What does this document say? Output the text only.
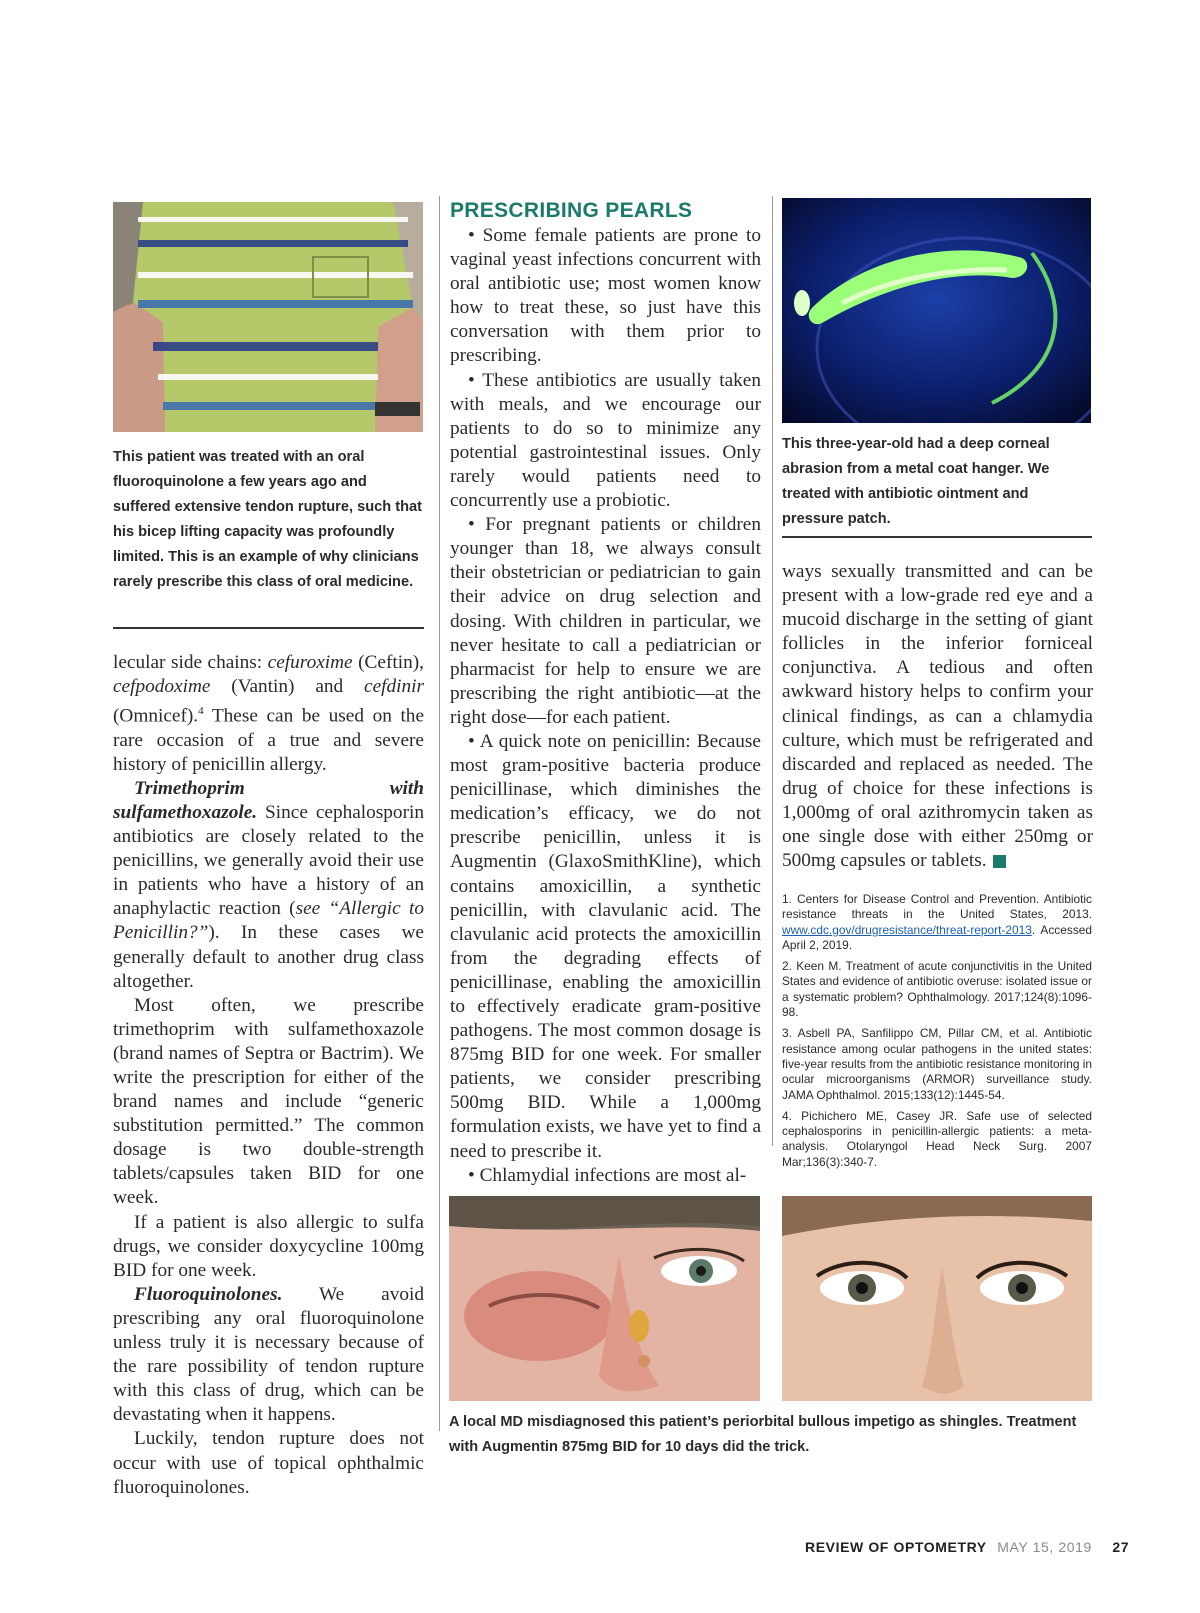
This patient was treated with an oral fluoroquinolone a few years ago and suffered extensive tendon rupture, such that his bicep lifting capacity was profoundly limited. This is an example of why clinicians rarely prescribe this class of oral medicine.

lecular side chains: cefuroxime (Ceftin), cefpodoxime (Vantin) and cefdinir (Omnicef).$^4$ These can be used on the rare occasion of a true and severe history of penicillin allergy.

Trimethoprim with sulfamethoxazole. Since cephalosporin antibiotics are closely related to the penicillins, we generally avoid their use in patients who have a history of an anaphylactic reaction (see “Allergic to Penicillin?”). In these cases we generally default to another drug class altogether.

Most often, we prescribe trimethoprim with sulfamethoxazole (brand names of Septra or Bactrim). We write the prescription for either of the brand names and include “generic substitution permitted.” The common dosage is two double-strength tablets/capsules taken BID for one week.

If a patient is also allergic to sulfa drugs, we consider doxycycline 100mg BID for one week.

Fluoroquinolones. We avoid prescribing any oral fluoroquinolone unless truly it is necessary because of the rare possibility of tendon rupture with this class of drug, which can be devastating when it happens.

Luckily, tendon rupture does not occur with use of topical ophthalmic fluoroquinolones.

PRESCRIBING PEARLS

• Some female patients are prone to vaginal yeast infections concurrent with oral antibiotic use; most women know how to treat these, so just have this conversation with them prior to prescribing.

• These antibiotics are usually taken with meals, and we encourage our patients to do so to minimize any potential gastrointestinal issues. Only rarely would patients need to concurrently use a probiotic.

• For pregnant patients or children younger than 18, we always consult their obstetrician or pediatrician to gain their advice on drug selection and dosing. With children in particular, we never hesitate to call a pediatrician or pharmacist for help to ensure we are prescribing the right antibiotic—at the right dose—for each patient.

• A quick note on penicillin: Because most gram-positive bacteria produce penicillinase, which diminishes the medication’s efficacy, we do not prescribe penicillin, unless it is Augmentin (GlaxoSmithKline), which contains amoxicillin, a synthetic penicillin, with clavulanic acid. The clavulanic acid protects the amoxicillin from the degrading effects of penicillinase, enabling the amoxicillin to effectively eradicate gram-positive pathogens. The most common dosage is 875mg BID for one week. For smaller patients, we consider prescribing 500mg BID. While a 1,000mg formulation exists, we have yet to find a need to prescribe it.

• Chlamydial infections are most al-

This three-year-old had a deep corneal abrasion from a metal coat hanger. We treated with antibiotic ointment and pressure patch.

ways sexually transmitted and can be present with a low-grade red eye and a mucoid discharge in the setting of giant follicles in the inferior forniceal conjunctiva. A tedious and often awkward history helps to confirm your clinical findings, as can a chlamydia culture, which must be refrigerated and discarded and replaced as needed. The drug of choice for these infections is 1,000mg of oral azithromycin taken as one single dose with either 250mg or 500mg capsules or tablets.

1. Centers for Disease Control and Prevention. Antibiotic resistance threats in the United States, 2013. www.cdc.gov/drugresistance/threat-report-2013. Accessed April 2, 2019.

2. Keen M. Treatment of acute conjunctivitis in the United States and evidence of antibiotic overuse: isolated issue or a systematic problem? Ophthalmology. 2017;124(8):1096-98.

3. Asbell PA, Sanfilippo CM, Pillar CM, et al. Antibiotic resistance among ocular pathogens in the united states: five-year results from the antibiotic resistance monitoring in ocular microorganisms (ARMOR) surveillance study. JAMA Ophthalmol. 2015;133(12):1445-54.

4. Pichichero ME, Casey JR. Safe use of selected cephalosporins in penicillin-allergic patients: a meta-analysis. Otolaryngol Head Neck Surg. 2007 Mar;136(3):340-7.

A local MD misdiagnosed this patient’s periorbital bullous impetigo as shingles. Treatment with Augmentin 875mg BID for 10 days did the trick.

REVIEW OF OPTOMETRY MAY 15, 2019 27
